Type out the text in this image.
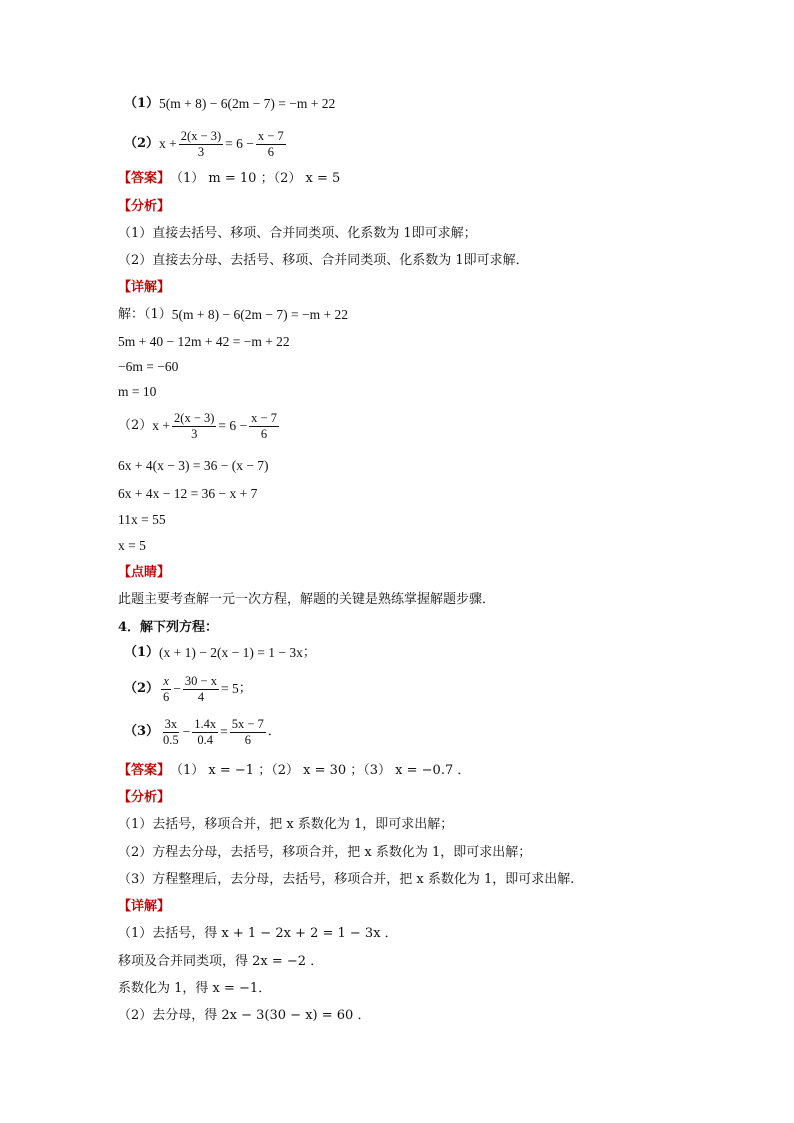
（1） 5(m + 8) − 6(2m − 7) = −m + 22
（2） $x + \frac{2(x - 3)}{3} = 6 - \frac{x - 7}{6}$
【答案】 （1） m = 10 ；（2） x = 5
【分析】
（1）直接去括号、移项、合并同类项、化系数为 1即可求解；
（2）直接去分母、去括号、移项、合并同类项、化系数为 1即可求解．
【详解】
解：（1） 5(m + 8) − 6(2m − 7) = −m + 22
5m + 40 − 12m + 42 = −m + 22
−6m = −60
m = 10
（2） $x + \frac{2(x - 3)}{3} = 6 - \frac{x - 7}{6}$
6x + 4(x − 3) = 36 − (x − 7)
6x + 4x − 12 = 36 − x + 7
11x = 55
x = 5
【点睛】
此题主要考查解一元一次方程，解题的关键是熟练掌握解题步骤．
4．解下列方程：
（1） (x + 1) − 2(x − 1) = 1 − 3x ；
$(2) \frac{x}{6} - \frac{30 - x}{4} = 5$ ；
$(3) \frac{3x}{0.5} - \frac{1.4x}{0.4} = \frac{5x - 7}{6}$ ．
【答案】 （1） x = −1 ；（2） x = 30 ；（3） x = −0.7 ．
【分析】
（1）去括号，移项合并，把 x 系数化为 1，即可求出解；
（2）方程去分母，去括号，移项合并，把 x 系数化为 1，即可求出解；
（3）方程整理后，去分母，去括号，移项合并，把 x 系数化为 1，即可求出解.
【详解】
（1）去括号，得 x + 1 − 2x + 2 = 1 − 3x ．
移项及合并同类项，得 2x = −2 ．
系数化为 1，得 x = −1．
（2）去分母，得 2x − 3(30 − x) = 60 ．
